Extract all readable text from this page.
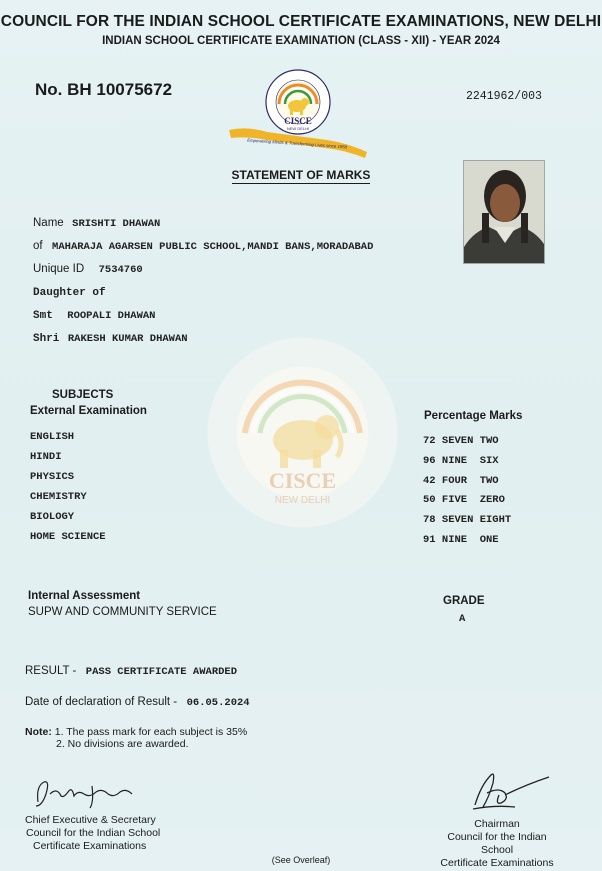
CISCE
NEW DELHI
COUNCIL FOR THE INDIAN SCHOOL CERTIFICATE EXAMINATIONS, NEW DELHI
INDIAN SCHOOL CERTIFICATE EXAMINATION (CLASS - XII) - YEAR 2024
No. BH 10075672	2241962/003
CISCE
NEW DELHI
Empowering Minds & Transforming Lives since 1958
STATEMENT OF MARKS
Name SRISHTI DHAWAN
of MAHARAJA AGARSEN PUBLIC SCHOOL,MANDI BANS,MORADABAD
Unique ID 7534760
Daughter of
Smt ROOPALI DHAWAN
Shri RAKESH KUMAR DHAWAN
SUBJECTS
External Examination	Percentage Marks
ENGLISH
HINDI
PHYSICS
CHEMISTRY
BIOLOGY
HOME SCIENCE
72 SEVEN TWO
96 NINE  SIX
42 FOUR  TWO
50 FIVE  ZERO
78 SEVEN EIGHT
91 NINE  ONE
Internal Assessment
SUPW AND COMMUNITY SERVICE
GRADE
A
RESULT - PASS CERTIFICATE AWARDED
Date of declaration of Result - 06.05.2024
Note: 1. The pass mark for each subject is 35%
2. No divisions are awarded.
Chief Executive & Secretary
Council for the Indian School
Certificate Examinations
Chairman
Council for the Indian School
Certificate Examinations
(See Overleaf)
